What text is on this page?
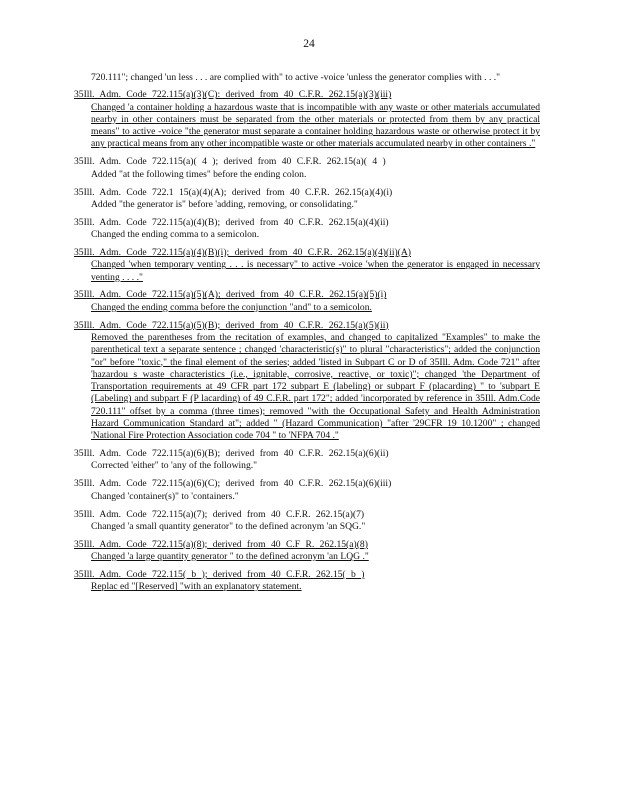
24
720.111"; changed 'un less . . . are complied with" to active -voice 'unless the generator complies with . . ."
35Ill. Adm. Code 722.115(a)(3)(C): derived from 40 C.F.R. 262.15(a)(3)(iii)
Changed 'a container holding a hazardous waste that is incompatible with any waste or other materials accumulated nearby in other containers must be separated from the other materials or protected from them by any practical means" to active -voice "the generator must separate a container holding hazardous waste or otherwise protect it by any practical means from any other incompatible waste or other materials accumulated nearby in other containers ."
35Ill. Adm. Code 722.115(a)( 4 ); derived from 40 C.F.R. 262.15(a)( 4 )
Added "at the following times" before the ending colon.
35Ill. Adm. Code 722.1 15(a)(4)(A); derived from 40 C.F.R. 262.15(a)(4)(i)
Added "the generator is" before 'adding, removing, or consolidating."
35Ill. Adm. Code 722.115(a)(4)(B); derived from 40 C.F.R. 262.15(a)(4)(ii)
Changed the ending comma to a semicolon.
35Ill. Adm. Code 722.115(a)(4)(B)(i); derived from 40 C.F.R. 262.15(a)(4)(ii)(A)
Changed 'when temporary venting . . . is necessary" to active -voice 'when the generator is engaged in necessary venting . . . ."
35Ill. Adm. Code 722.115(a)(5)(A); derived from 40 C.F.R. 262.15(a)(5)(i)
Changed the ending comma before the conjunction "and" to a semicolon.
35Ill. Adm. Code 722.115(a)(5)(B); derived from 40 C.F.R. 262.15(a)(5)(ii)
Removed the parentheses from the recitation of examples, and changed to capitalized "Examples" to make the parenthetical text a separate sentence ; changed 'characteristic(s)" to plural "characteristics"; added the conjunction "or" before "toxic," the final element of the series; added 'listed in Subpart C or D of 35Ill. Adm. Code 721" after 'hazardou s waste characteristics (i.e., ignitable, corrosive, reactive, or toxic)"; changed 'the Department of Transportation requirements at 49 CFR part 172 subpart E (labeling) or subpart F (placarding) " to 'subpart E (Labeling) and subpart F (P lacarding) of 49 C.F.R. part 172"; added 'incorporated by reference in 35Ill. Adm.Code 720.111" offset by a comma (three times); removed "with the Occupational Safety and Health Administration Hazard Communication Standard at"; added " (Hazard Communication) "after '29CFR 19 10.1200" ; changed 'National Fire Protection Association code 704 " to 'NFPA 704 ."
35Ill. Adm. Code 722.115(a)(6)(B); derived from 40 C.F.R. 262.15(a)(6)(ii)
Corrected 'either" to 'any of the following."
35Ill. Adm. Code 722.115(a)(6)(C); derived from 40 C.F.R. 262.15(a)(6)(iii)
Changed 'container(s)" to 'containers."
35Ill. Adm. Code 722.115(a)(7); derived from 40 C.F.R. 262.15(a)(7)
Changed 'a small quantity generator" to the defined acronym 'an SQG."
35Ill. Adm. Code 722.115(a)(8); derived from 40 C.F R. 262.15(a)(8)
Changed 'a large quantity generator " to the defined acronym 'an LQG ."
35Ill. Adm. Code 722.115( b ); derived from 40 C.F.R. 262.15( b )
Replac ed "[Reserved] "with an explanatory statement.
